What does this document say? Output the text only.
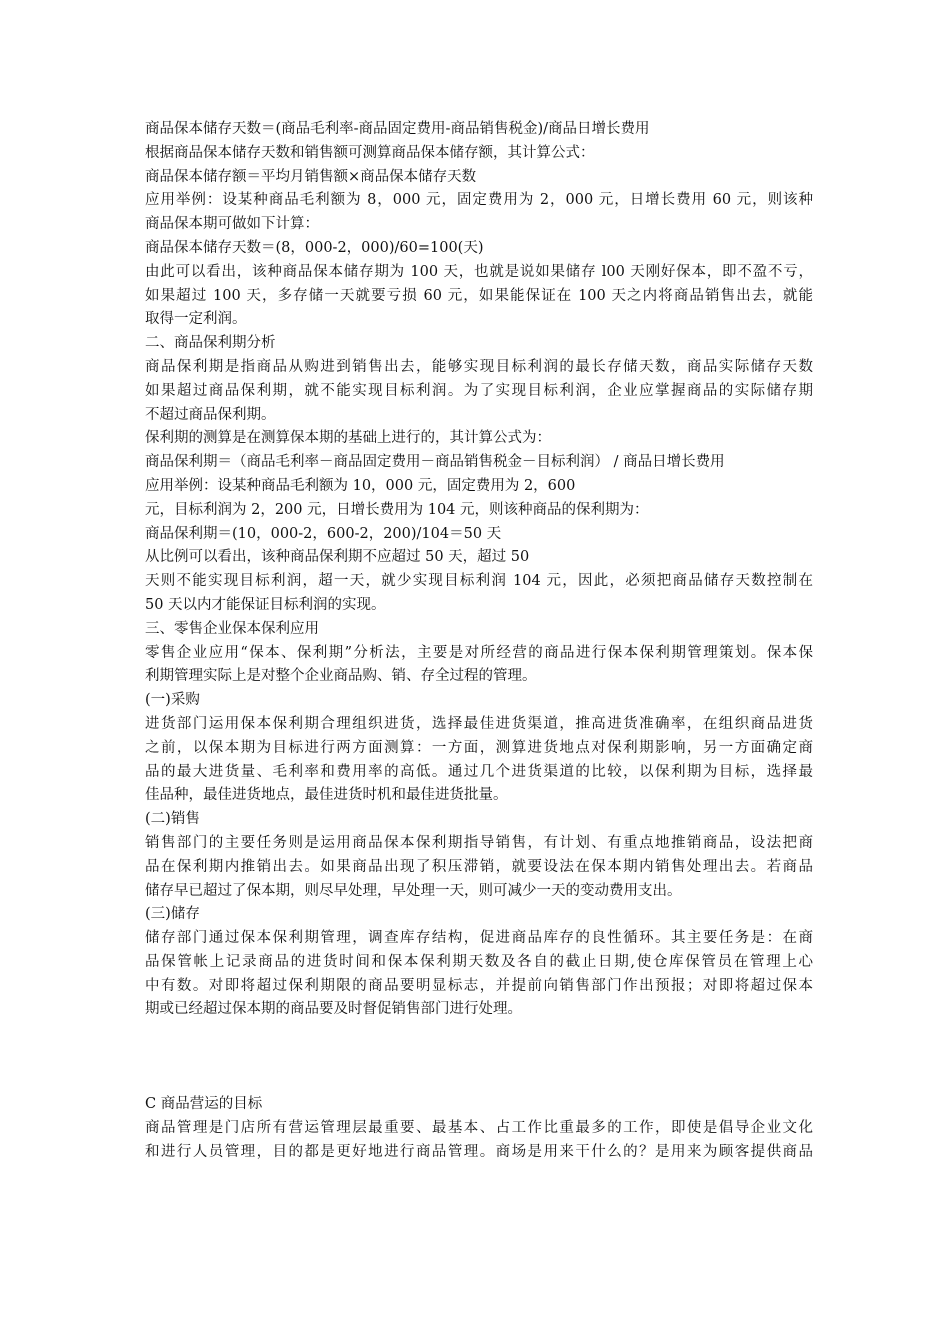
商品保本储存天数＝(商品毛利率-商品固定费用-商品销售税金)/商品日增长费用
根据商品保本储存天数和销售额可测算商品保本储存额，其计算公式：
商品保本储存额＝平均月销售额×商品保本储存天数
应用举例：设某种商品毛利额为 8，000 元，固定费用为 2，000 元，日增长费用 60 元，则该种
商品保本期可做如下计算：
商品保本储存天数＝(8，000-2，000)/60=100(天)
由此可以看出，该种商品保本储存期为 100 天，也就是说如果储存 l00 天刚好保本，即不盈不亏，
如果超过 100 天，多存储一天就要亏损 60 元，如果能保证在 100 天之内将商品销售出去，就能
取得一定利润。
二、商品保利期分析
商品保利期是指商品从购进到销售出去，能够实现目标利润的最长存储天数，商品实际储存天数
如果超过商品保利期，就不能实现目标利润。为了实现目标利润，企业应掌握商品的实际储存期
不超过商品保利期。
保利期的测算是在测算保本期的基础上进行的，其计算公式为：
商品保利期＝（商品毛利率－商品固定费用－商品销售税金－目标利润） / 商品日增长费用
应用举例：设某种商品毛利额为 10，000 元，固定费用为 2，600
元，目标利润为 2，200 元，日增长费用为 104 元，则该种商品的保利期为：
商品保利期＝(10，000-2，600-2，200)/104＝50 天
从比例可以看出，该种商品保利期不应超过 50 天，超过 50
天则不能实现目标利润，超一天，就少实现目标利润 104 元，因此，必须把商品储存天数控制在
50 天以内才能保证目标利润的实现。
三、零售企业保本保利应用
零售企业应用“保本、保利期”分析法，主要是对所经营的商品进行保本保利期管理策划。保本保
利期管理实际上是对整个企业商品购、销、存全过程的管理。
(一)采购
进货部门运用保本保利期合理组织进货，选择最佳进货渠道，推高进货准确率，在组织商品进货
之前，以保本期为目标进行两方面测算：一方面，测算进货地点对保利期影响，另一方面确定商
品的最大进货量、毛利率和费用率的高低。通过几个进货渠道的比较，以保利期为目标，选择最
佳品种，最佳进货地点，最佳进货时机和最佳进货批量。
(二)销售
销售部门的主要任务则是运用商品保本保利期指导销售，有计划、有重点地推销商品，设法把商
品在保利期内推销出去。如果商品出现了积压滞销，就要设法在保本期内销售处理出去。若商品
储存早已超过了保本期，则尽早处理，早处理一天，则可减少一天的变动费用支出。
(三)储存
储存部门通过保本保利期管理，调查库存结构，促进商品库存的良性循环。其主要任务是：在商
品保管帐上记录商品的进货时间和保本保利期天数及各自的截止日期,使仓库保管员在管理上心
中有数。对即将超过保利期限的商品要明显标志，并提前向销售部门作出预报；对即将超过保本
期或已经超过保本期的商品要及时督促销售部门进行处理。
C 商品营运的目标
商品管理是门店所有营运管理层最重要、最基本、占工作比重最多的工作，即使是倡导企业文化
和进行人员管理，目的都是更好地进行商品管理。商场是用来干什么的？是用来为顾客提供商品
